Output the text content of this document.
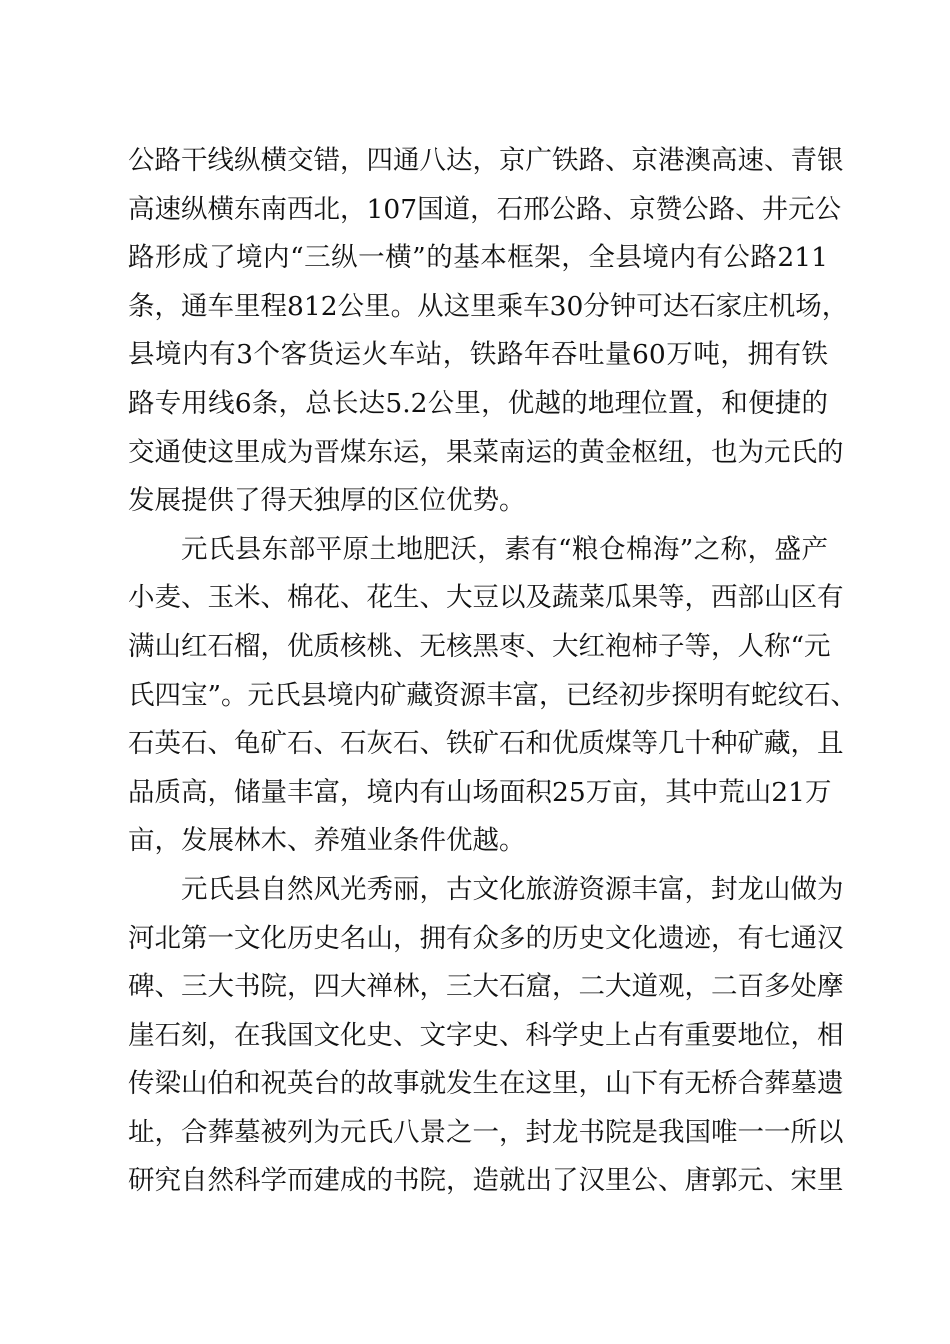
公路干线纵横交错，四通八达，京广铁路、京港澳高速、青银
高速纵横东南西北，107国道，石邢公路、京赞公路、井元公
路形成了境内“三纵一横”的基本框架，全县境内有公路211
条，通车里程812公里。从这里乘车30分钟可达石家庄机场，
县境内有3个客货运火车站，铁路年吞吐量60万吨，拥有铁
路专用线6条，总长达5.2公里，优越的地理位置，和便捷的
交通使这里成为晋煤东运，果菜南运的黄金枢纽，也为元氏的
发展提供了得天独厚的区位优势。
元氏县东部平原土地肥沃，素有“粮仓棉海”之称，盛产
小麦、玉米、棉花、花生、大豆以及蔬菜瓜果等，西部山区有
满山红石榴，优质核桃、无核黑枣、大红袍柿子等，人称“元
氏四宝”。元氏县境内矿藏资源丰富，已经初步探明有蛇纹石、
石英石、龟矿石、石灰石、铁矿石和优质煤等几十种矿藏，且
品质高，储量丰富，境内有山场面积25万亩，其中荒山21万
亩，发展林木、养殖业条件优越。
元氏县自然风光秀丽，古文化旅游资源丰富，封龙山做为
河北第一文化历史名山，拥有众多的历史文化遗迹，有七通汉
碑、三大书院，四大禅林，三大石窟，二大道观，二百多处摩
崖石刻，在我国文化史、文字史、科学史上占有重要地位，相
传梁山伯和祝英台的故事就发生在这里，山下有无桥合葬墓遗
址，合葬墓被列为元氏八景之一，封龙书院是我国唯一一所以
研究自然科学而建成的书院，造就出了汉里公、唐郭元、宋里
